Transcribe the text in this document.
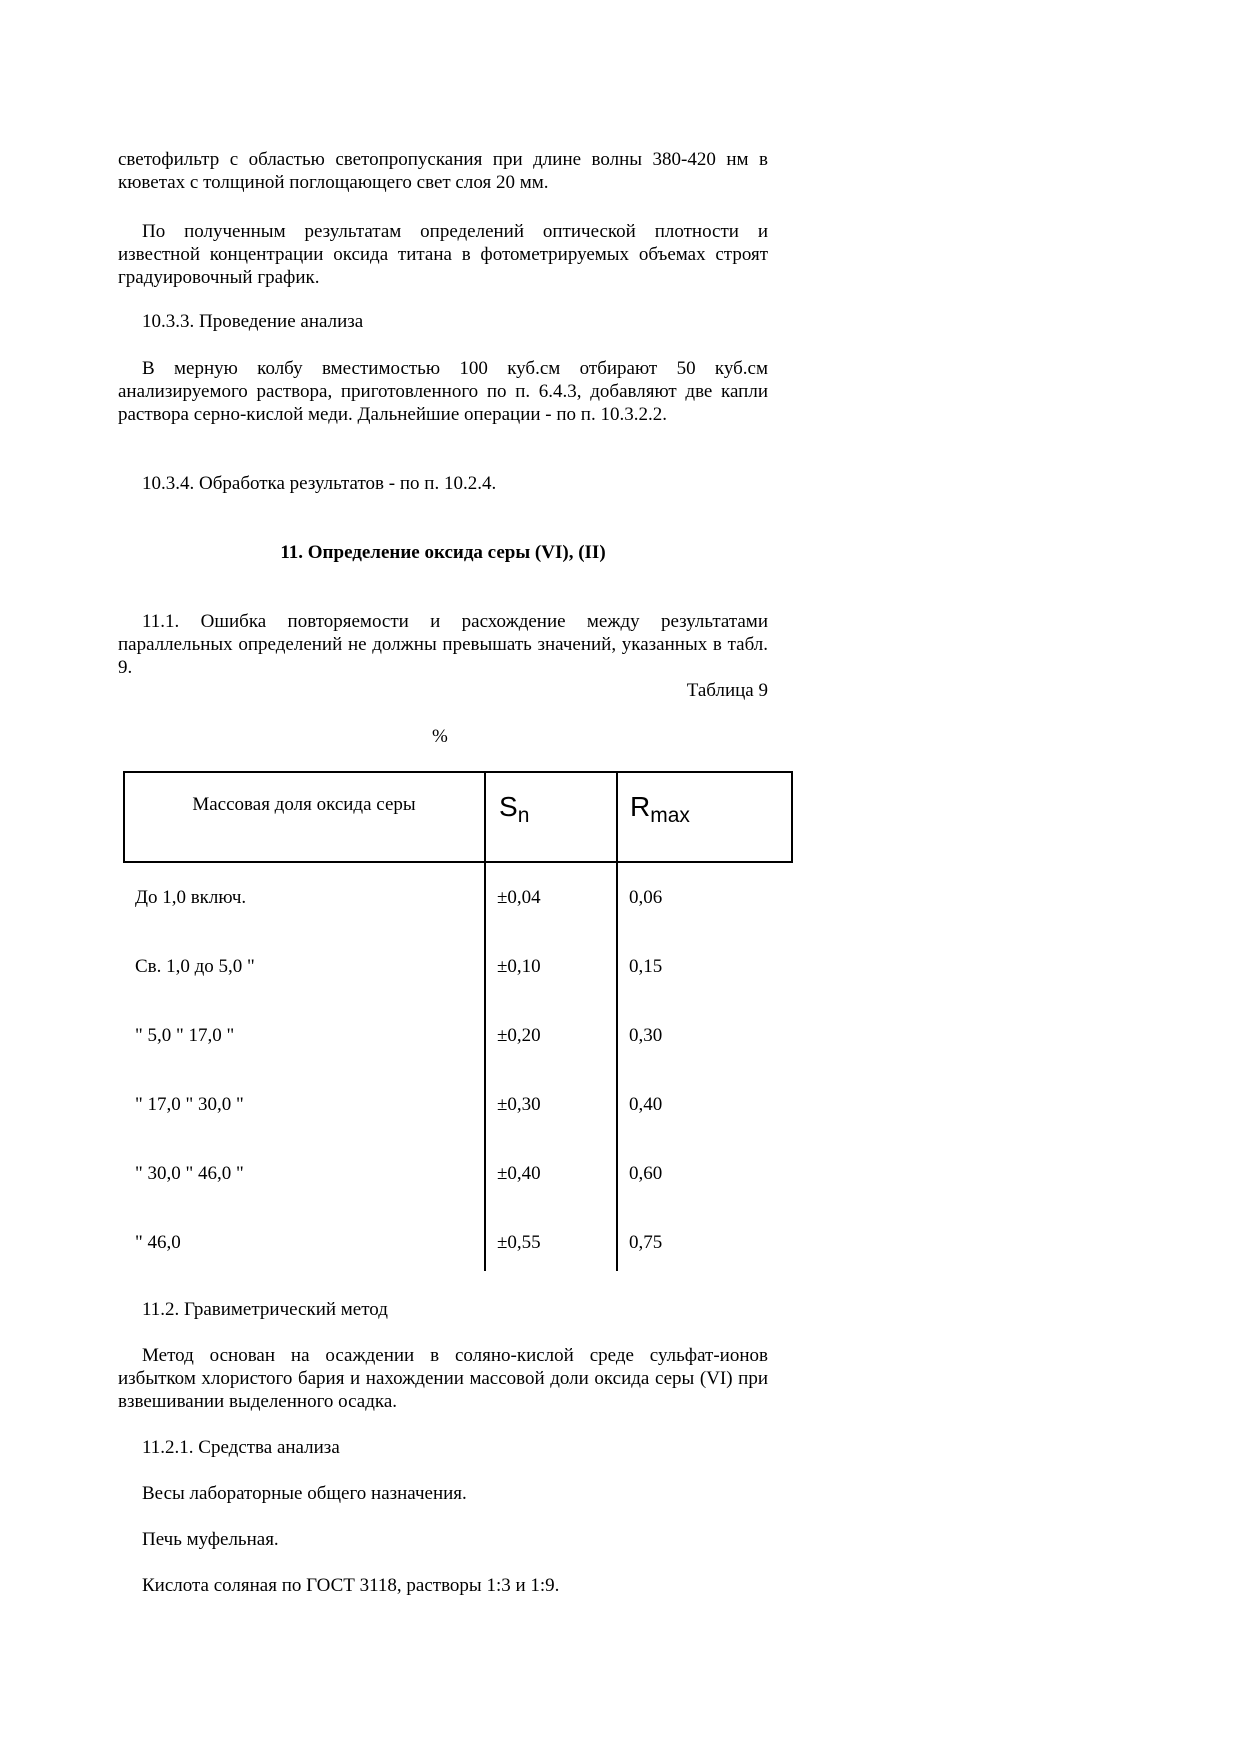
светофильтр с областью светопропускания при длине волны 380-420 нм в кюветах с толщиной поглощающего свет слоя 20 мм.

По полученным результатам определений оптической плотности и известной концентрации оксида титана в фотометрируемых объемах строят градуировочный график.

10.3.3. Проведение анализа

В мерную колбу вместимостью 100 куб.см отбирают 50 куб.см анализируемого раствора, приготовленного по п. 6.4.3, добавляют две капли раствора серно-кислой меди. Дальнейшие операции - по п. 10.3.2.2.

10.3.4. Обработка результатов - по п. 10.2.4.

11. Определение оксида серы (VI), (II)

11.1. Ошибка повторяемости и расхождение между результатами параллельных определений не должны превышать значений, указанных в табл. 9.

Таблица 9

%

Массовая доля оксида серы	$S_n$	$R_{max}$
До 1,0 включ.	±0,04	0,06
Св. 1,0 до 5,0 "	±0,10	0,15
" 5,0 " 17,0 "	±0,20	0,30
" 17,0 " 30,0 "	±0,30	0,40
" 30,0 " 46,0 "	±0,40	0,60
" 46,0	±0,55	0,75

11.2. Гравиметрический метод

Метод основан на осаждении в соляно-кислой среде сульфат-ионов избытком хлористого бария и нахождении массовой доли оксида серы (VI) при взвешивании выделенного осадка.

11.2.1. Средства анализа

Весы лабораторные общего назначения.

Печь муфельная.

Кислота соляная по ГОСТ 3118, растворы 1:3 и 1:9.
